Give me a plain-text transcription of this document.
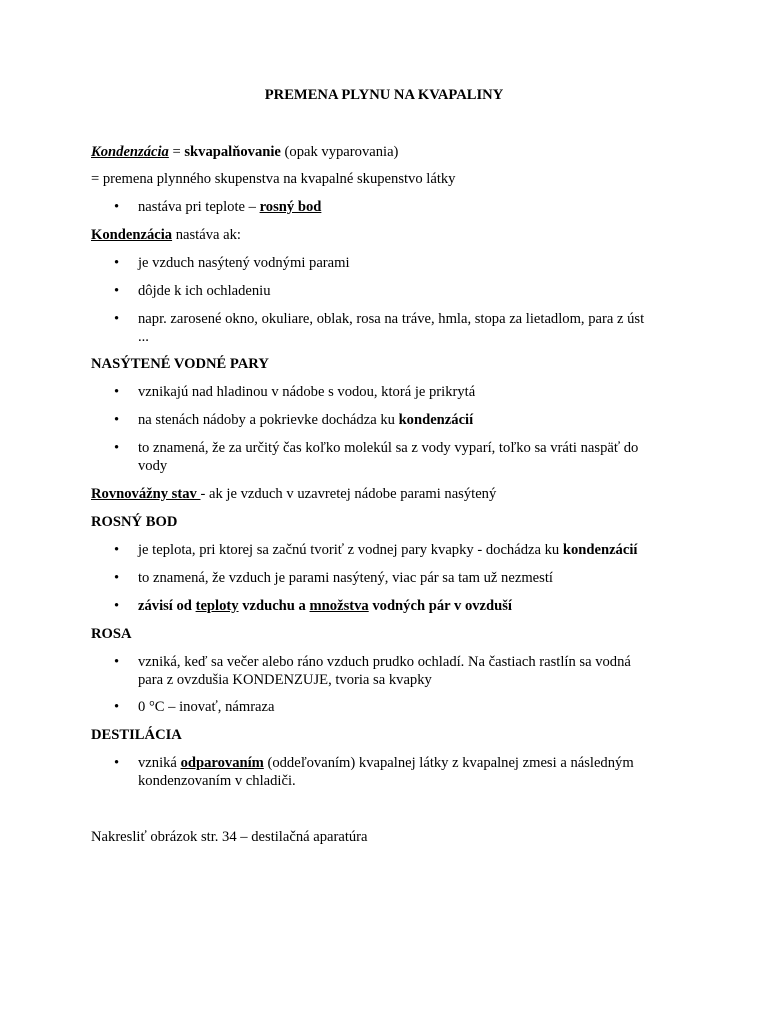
PREMENA PLYNU NA KVAPALINY
Kondenzácia = skvapalňovanie (opak vyparovania)
= premena plynného skupenstva na kvapalné skupenstvo látky
•	nastáva pri teplote – rosný bod
Kondenzácia nastáva ak:
•	je vzduch nasýtený vodnými parami
•	dôjde k ich ochladeniu
•	napr. zarosené okno, okuliare, oblak, rosa na tráve, hmla, stopa za lietadlom, para z úst
...
NASÝTENÉ VODNÉ PARY
•	vznikajú nad hladinou v nádobe s vodou, ktorá je prikrytá
•	na stenách nádoby a pokrievke dochádza ku kondenzácií
•	to znamená, že za určitý čas koľko molekúl sa z vody vyparí, toľko sa vráti naspäť do
vody
Rovnovážny stav - ak je vzduch v uzavretej nádobe parami nasýtený
ROSNÝ BOD
•	je teplota, pri ktorej sa začnú tvoriť z vodnej pary kvapky - dochádza ku kondenzácií
•	to znamená, že vzduch je parami nasýtený, viac pár sa tam už nezmestí
•	závisí od teploty vzduchu a množstva vodných pár v ovzduší
ROSA
•	vzniká, keď sa večer alebo ráno vzduch prudko ochladí. Na častiach rastlín sa vodná
para z ovzdušia KONDENZUJE, tvoria sa kvapky
•	0 °C – inovať, námraza
DESTILÁCIA
•	vzniká odparovaním (oddeľovaním) kvapalnej látky z kvapalnej zmesi a následným
kondenzovaním v chladiči.
Nakresliť obrázok str. 34 – destilačná aparatúra
